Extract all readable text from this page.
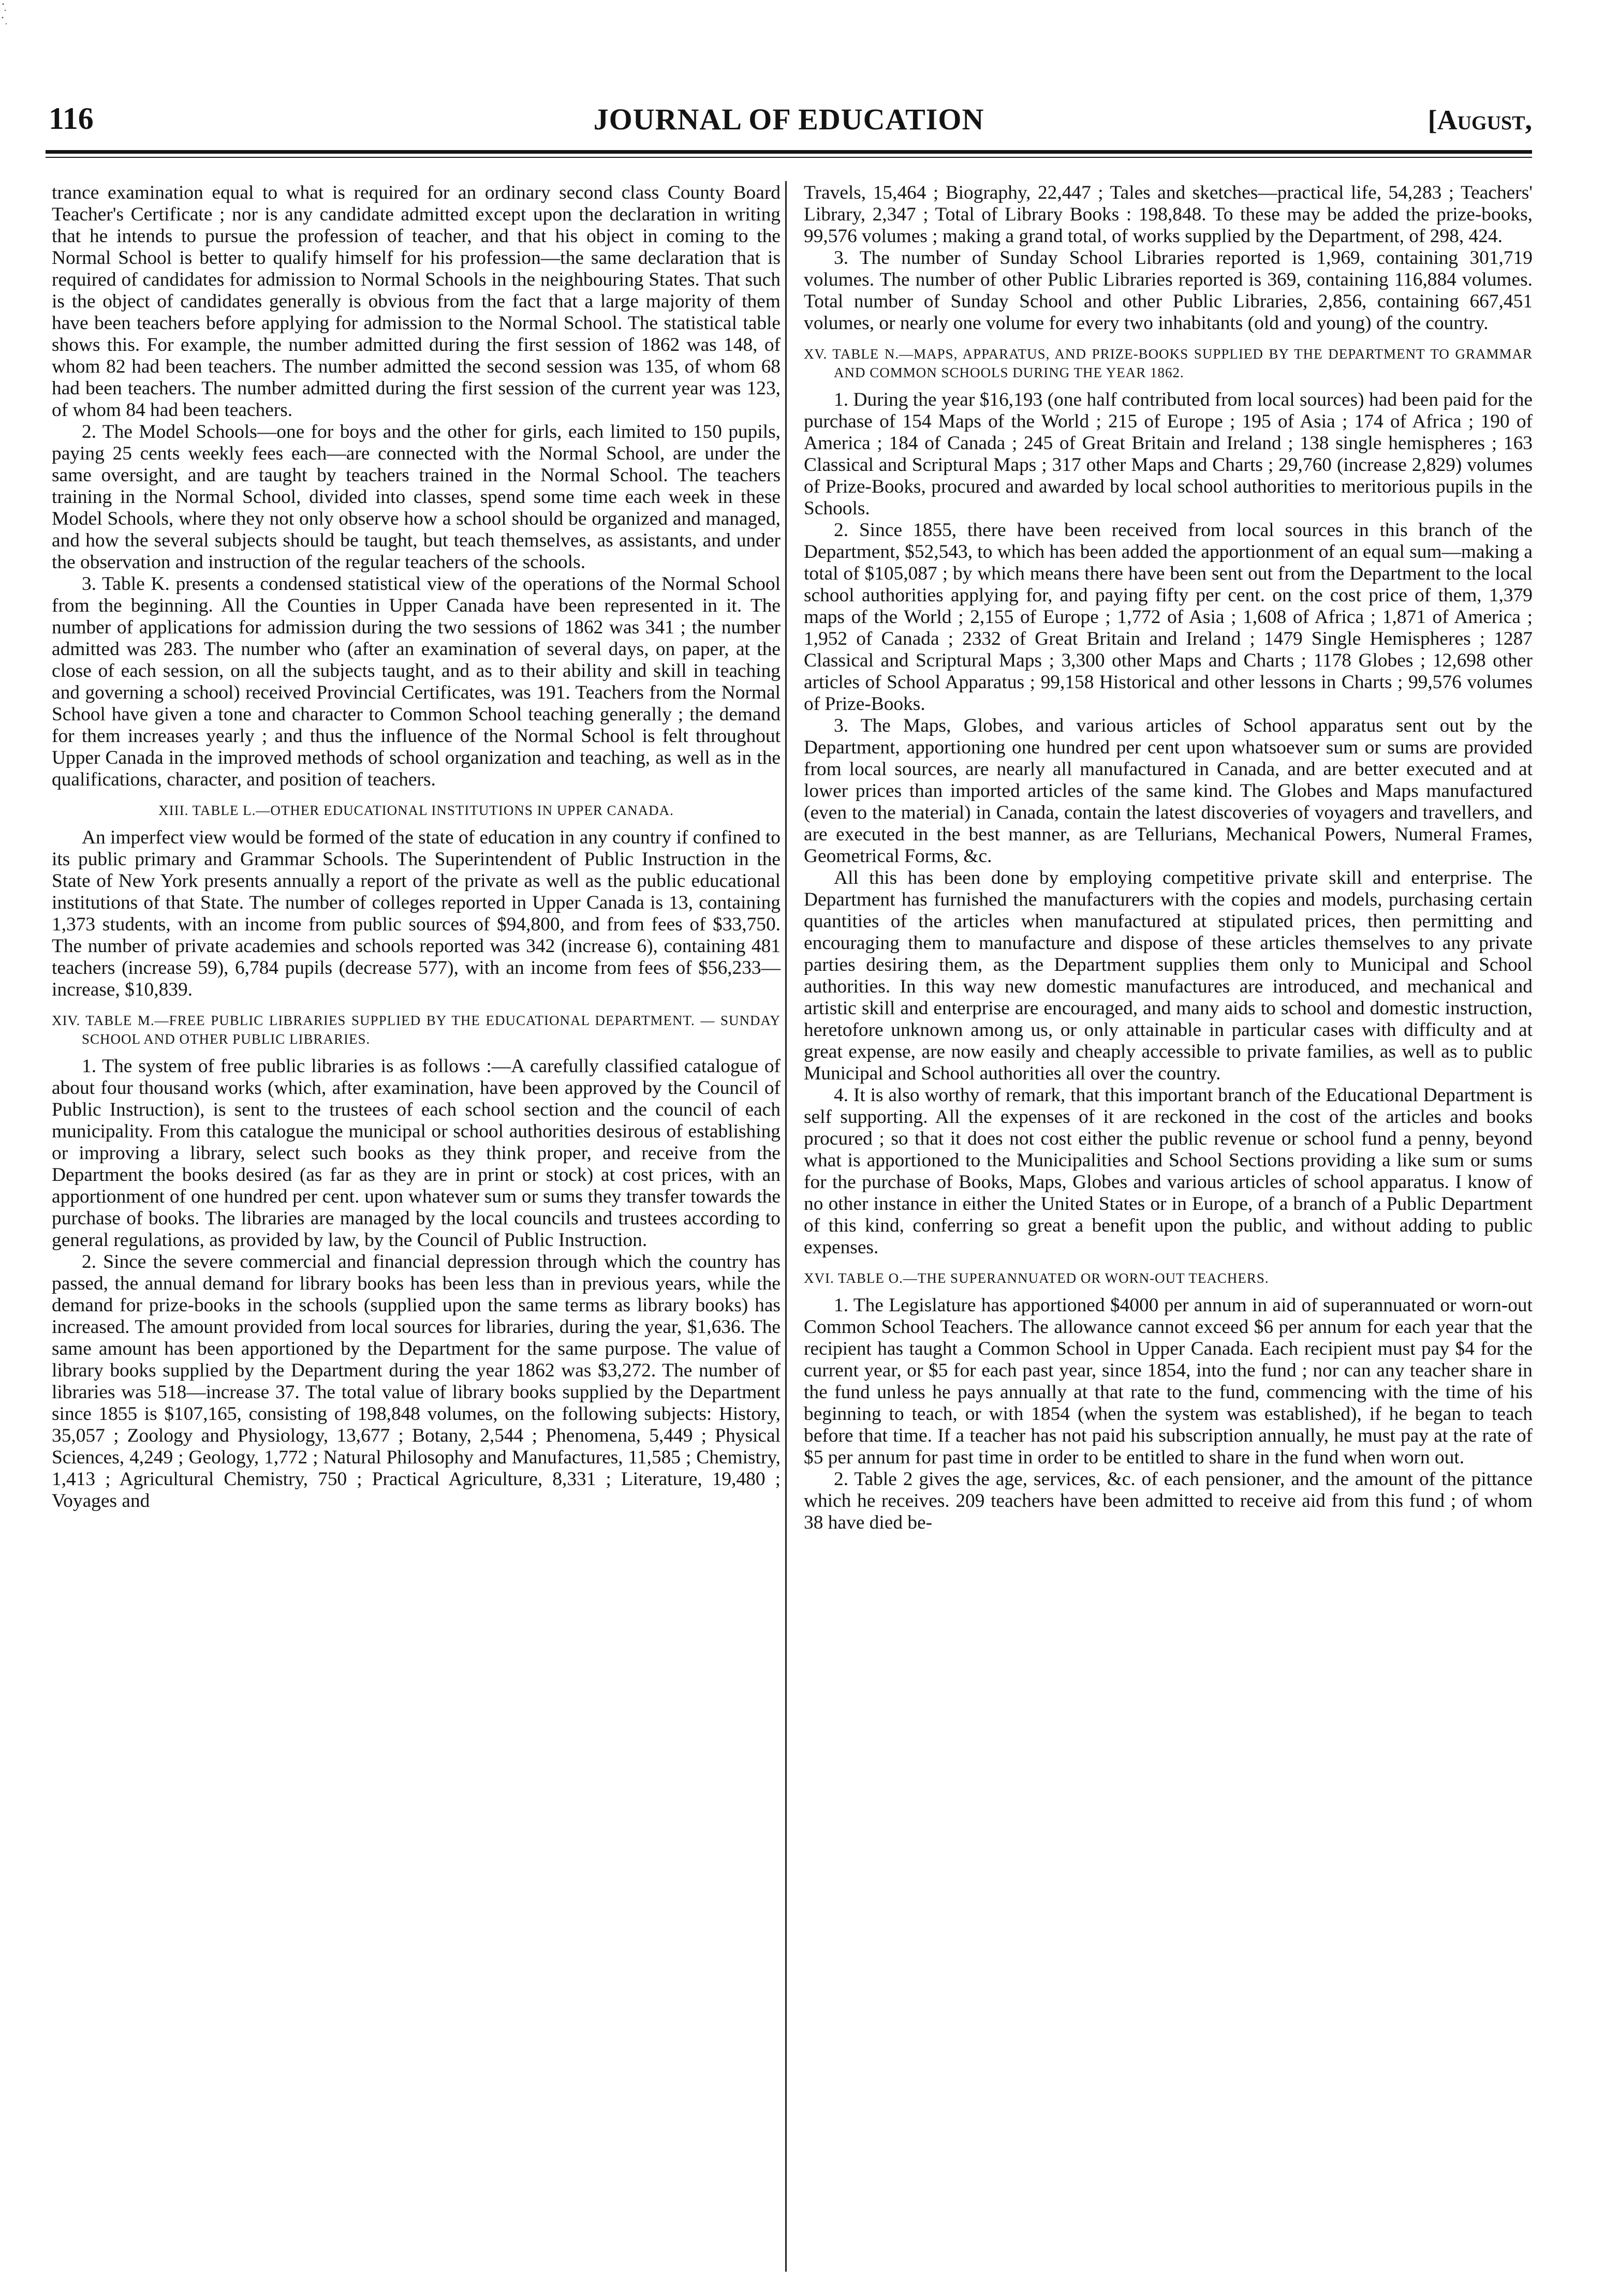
116	JOURNAL OF EDUCATION	[August,

trance examination equal to what is required for an ordinary second class County Board Teacher's Certificate ; nor is any candidate admitted except upon the declaration in writing that he intends to pursue the profession of teacher, and that his object in coming to the Normal School is better to qualify himself for his profession—the same declaration that is required of candidates for admission to Normal Schools in the neighbouring States. That such is the object of candidates generally is obvious from the fact that a large majority of them have been teachers before applying for admission to the Normal School. The statistical table shows this. For example, the number admitted during the first session of 1862 was 148, of whom 82 had been teachers. The number admitted the second session was 135, of whom 68 had been teachers. The number admitted during the first session of the current year was 123, of whom 84 had been teachers.

2. The Model Schools—one for boys and the other for girls, each limited to 150 pupils, paying 25 cents weekly fees each—are connected with the Normal School, are under the same oversight, and are taught by teachers trained in the Normal School. The teachers training in the Normal School, divided into classes, spend some time each week in these Model Schools, where they not only observe how a school should be organized and managed, and how the several subjects should be taught, but teach themselves, as assistants, and under the observation and instruction of the regular teachers of the schools.

3. Table K. presents a condensed statistical view of the operations of the Normal School from the beginning. All the Counties in Upper Canada have been represented in it. The number of applications for admission during the two sessions of 1862 was 341 ; the number admitted was 283. The number who (after an examination of several days, on paper, at the close of each session, on all the subjects taught, and as to their ability and skill in teaching and governing a school) received Provincial Certificates, was 191. Teachers from the Normal School have given a tone and character to Common School teaching generally ; the demand for them increases yearly ; and thus the influence of the Normal School is felt throughout Upper Canada in the improved methods of school organization and teaching, as well as in the qualifications, character, and position of teachers.

XIII. TABLE L.—OTHER EDUCATIONAL INSTITUTIONS IN UPPER CANADA.

An imperfect view would be formed of the state of education in any country if confined to its public primary and Grammar Schools. The Superintendent of Public Instruction in the State of New York presents annually a report of the private as well as the public educational institutions of that State. The number of colleges reported in Upper Canada is 13, containing 1,373 students, with an income from public sources of $94,800, and from fees of $33,750. The number of private academies and schools reported was 342 (increase 6), containing 481 teachers (increase 59), 6,784 pupils (decrease 577), with an income from fees of $56,233—increase, $10,839.

XIV. TABLE M.—FREE PUBLIC LIBRARIES SUPPLIED BY THE EDUCATIONAL DEPARTMENT. — SUNDAY SCHOOL AND OTHER PUBLIC LIBRARIES.

1. The system of free public libraries is as follows :—A carefully classified catalogue of about four thousand works (which, after examination, have been approved by the Council of Public Instruction), is sent to the trustees of each school section and the council of each municipality. From this catalogue the municipal or school authorities desirous of establishing or improving a library, select such books as they think proper, and receive from the Department the books desired (as far as they are in print or stock) at cost prices, with an apportionment of one hundred per cent. upon whatever sum or sums they transfer towards the purchase of books. The libraries are managed by the local councils and trustees according to general regulations, as provided by law, by the Council of Public Instruction.

2. Since the severe commercial and financial depression through which the country has passed, the annual demand for library books has been less than in previous years, while the demand for prize-books in the schools (supplied upon the same terms as library books) has increased. The amount provided from local sources for libraries, during the year, $1,636. The same amount has been apportioned by the Department for the same purpose. The value of library books supplied by the Department during the year 1862 was $3,272. The number of libraries was 518—increase 37. The total value of library books supplied by the Department since 1855 is $107,165, consisting of 198,848 volumes, on the following subjects: History, 35,057 ; Zoology and Physiology, 13,677 ; Botany, 2,544 ; Phenomena, 5,449 ; Physical Sciences, 4,249 ; Geology, 1,772 ; Natural Philosophy and Manufactures, 11,585 ; Chemistry, 1,413 ; Agricultural Chemistry, 750 ; Practical Agriculture, 8,331 ; Literature, 19,480 ; Voyages and

Travels, 15,464 ; Biography, 22,447 ; Tales and sketches—practical life, 54,283 ; Teachers' Library, 2,347 ; Total of Library Books : 198,848. To these may be added the prize-books, 99,576 volumes ; making a grand total, of works supplied by the Department, of 298, 424.

3. The number of Sunday School Libraries reported is 1,969, containing 301,719 volumes. The number of other Public Libraries reported is 369, containing 116,884 volumes. Total number of Sunday School and other Public Libraries, 2,856, containing 667,451 volumes, or nearly one volume for every two inhabitants (old and young) of the country.

XV. TABLE N.—MAPS, APPARATUS, AND PRIZE-BOOKS SUPPLIED BY THE DEPARTMENT TO GRAMMAR AND COMMON SCHOOLS DURING THE YEAR 1862.

1. During the year $16,193 (one half contributed from local sources) had been paid for the purchase of 154 Maps of the World ; 215 of Europe ; 195 of Asia ; 174 of Africa ; 190 of America ; 184 of Canada ; 245 of Great Britain and Ireland ; 138 single hemispheres ; 163 Classical and Scriptural Maps ; 317 other Maps and Charts ; 29,760 (increase 2,829) volumes of Prize-Books, procured and awarded by local school authorities to meritorious pupils in the Schools.

2. Since 1855, there have been received from local sources in this branch of the Department, $52,543, to which has been added the apportionment of an equal sum—making a total of $105,087 ; by which means there have been sent out from the Department to the local school authorities applying for, and paying fifty per cent. on the cost price of them, 1,379 maps of the World ; 2,155 of Europe ; 1,772 of Asia ; 1,608 of Africa ; 1,871 of America ; 1,952 of Canada ; 2332 of Great Britain and Ireland ; 1479 Single Hemispheres ; 1287 Classical and Scriptural Maps ; 3,300 other Maps and Charts ; 1178 Globes ; 12,698 other articles of School Apparatus ; 99,158 Historical and other lessons in Charts ; 99,576 volumes of Prize-Books.

3. The Maps, Globes, and various articles of School apparatus sent out by the Department, apportioning one hundred per cent upon whatsoever sum or sums are provided from local sources, are nearly all manufactured in Canada, and are better executed and at lower prices than imported articles of the same kind. The Globes and Maps manufactured (even to the material) in Canada, contain the latest discoveries of voyagers and travellers, and are executed in the best manner, as are Tellurians, Mechanical Powers, Numeral Frames, Geometrical Forms, &c.

All this has been done by employing competitive private skill and enterprise. The Department has furnished the manufacturers with the copies and models, purchasing certain quantities of the articles when manufactured at stipulated prices, then permitting and encouraging them to manufacture and dispose of these articles themselves to any private parties desiring them, as the Department supplies them only to Municipal and School authorities. In this way new domestic manufactures are introduced, and mechanical and artistic skill and enterprise are encouraged, and many aids to school and domestic instruction, heretofore unknown among us, or only attainable in particular cases with difficulty and at great expense, are now easily and cheaply accessible to private families, as well as to public Municipal and School authorities all over the country.

4. It is also worthy of remark, that this important branch of the Educational Department is self supporting. All the expenses of it are reckoned in the cost of the articles and books procured ; so that it does not cost either the public revenue or school fund a penny, beyond what is apportioned to the Municipalities and School Sections providing a like sum or sums for the purchase of Books, Maps, Globes and various articles of school apparatus. I know of no other instance in either the United States or in Europe, of a branch of a Public Department of this kind, conferring so great a benefit upon the public, and without adding to public expenses.

XVI. TABLE O.—THE SUPERANNUATED OR WORN-OUT TEACHERS.

1. The Legislature has apportioned $4000 per annum in aid of superannuated or worn-out Common School Teachers. The allowance cannot exceed $6 per annum for each year that the recipient has taught a Common School in Upper Canada. Each recipient must pay $4 for the current year, or $5 for each past year, since 1854, into the fund ; nor can any teacher share in the fund unless he pays annually at that rate to the fund, commencing with the time of his beginning to teach, or with 1854 (when the system was established), if he began to teach before that time. If a teacher has not paid his subscription annually, he must pay at the rate of $5 per annum for past time in order to be entitled to share in the fund when worn out.

2. Table 2 gives the age, services, &c. of each pensioner, and the amount of the pittance which he receives. 209 teachers have been admitted to receive aid from this fund ; of whom 38 have died be-
